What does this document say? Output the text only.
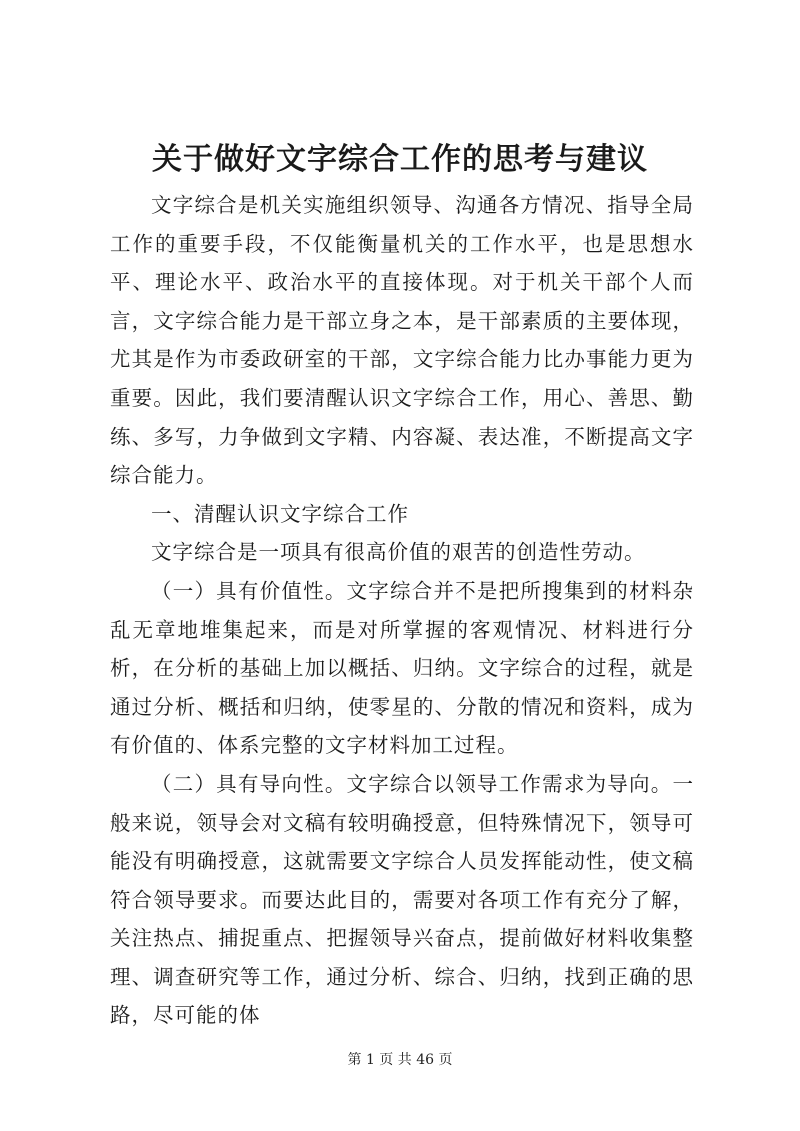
关于做好文字综合工作的思考与建议

文字综合是机关实施组织领导、沟通各方情况、指导全局工作的重要手段，不仅能衡量机关的工作水平，也是思想水平、理论水平、政治水平的直接体现。对于机关干部个人而言，文字综合能力是干部立身之本，是干部素质的主要体现，尤其是作为市委政研室的干部，文字综合能力比办事能力更为重要。因此，我们要清醒认识文字综合工作，用心、善思、勤练、多写，力争做到文字精、内容凝、表达准，不断提高文字综合能力。

一、清醒认识文字综合工作

文字综合是一项具有很高价值的艰苦的创造性劳动。

（一）具有价值性。文字综合并不是把所搜集到的材料杂乱无章地堆集起来，而是对所掌握的客观情况、材料进行分析，在分析的基础上加以概括、归纳。文字综合的过程，就是通过分析、概括和归纳，使零星的、分散的情况和资料，成为有价值的、体系完整的文字材料加工过程。

（二）具有导向性。文字综合以领导工作需求为导向。一般来说，领导会对文稿有较明确授意，但特殊情况下，领导可能没有明确授意，这就需要文字综合人员发挥能动性，使文稿符合领导要求。而要达此目的，需要对各项工作有充分了解，关注热点、捕捉重点、把握领导兴奋点，提前做好材料收集整理、调查研究等工作，通过分析、综合、归纳，找到正确的思路，尽可能的体

第 1 页 共 46 页
